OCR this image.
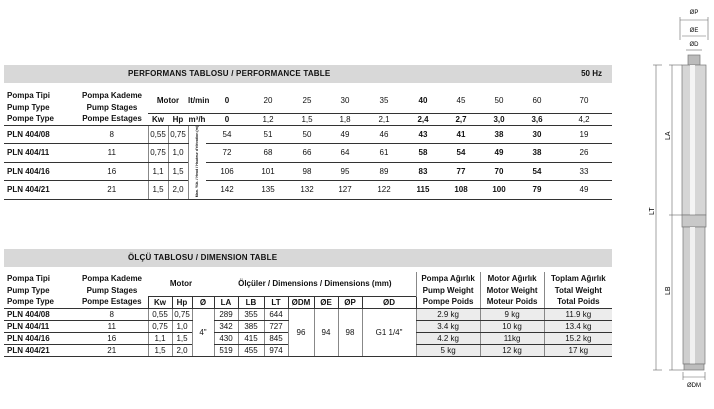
PERFORMANS TABLOSU / PERFORMANCE TABLE	50 Hz
Pompa Tipi	Pompa Kademe	Motor		lt/min	0	20	25	30	35	40	45	50	60	70
Pump Type	Pump Stages													
Pompe Type	Pompe Estages	Kw	Hp	m³/h	0	1,2	1,5	1,8	2,1	2,4	2,7	3,0	3,6	4,2
PLN 404/08	8	0,55	0,75	Man. Yük. / Head / Hauteur d'élévation (m)	54	51	50	49	46	43	41	38	30	19
PLN 404/11	11	0,75	1,0		72	68	66	64	61	58	54	49	38	26
PLN 404/16	16	1,1	1,5		106	101	98	95	89	83	77	70	54	33
PLN 404/21	21	1,5	2,0		142	135	132	127	122	115	108	100	79	49
ÖLÇÜ TABLOSU / DIMENSION TABLE
Pompa Tipi	Pompa Kademe	Motor			Ölçüler / Dimensions / Dimensions (mm)							Pompa Ağırlık	Motor Ağırlık	Toplam Ağırlık
Pump Type	Pump Stages											Pump Weight	Motor Weight	Total Weight
Pompe Type	Pompe Estages	Kw	Hp	Ø	LA	LB	LT	ØDM	ØE	ØP	ØD	Pompe Poids	Moteur Poids	Total Poids
PLN 404/08	8	0,55	0,75	4"	289	355	644	96	94	98	G1 1/4"	2.9 kg	9 kg	11.9 kg
PLN 404/11	11	0,75	1,0		342	385	727					3.4 kg	10 kg	13.4 kg
PLN 404/16	16	1,1	1,5		430	415	845					4.2 kg	11kg	15.2 kg
PLN 404/21	21	1,5	2,0		519	455	974					5 kg	12 kg	17 kg
ØP
ØE
ØD
LA
LT
LB
ØDM
